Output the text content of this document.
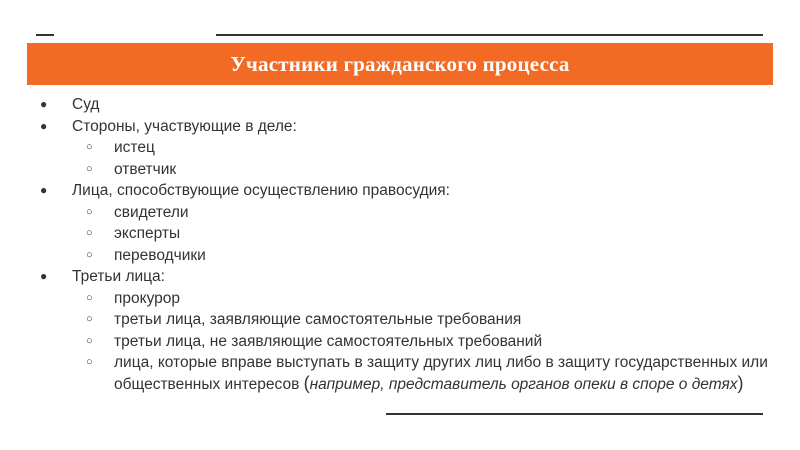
Участники гражданского процесса
● Суд
● Стороны, участвующие в деле:
○	истец
○	ответчик
● Лица, способствующие осуществлению правосудия:
○	свидетели
○	эксперты
○	переводчики
● Третьи лица:
○	прокурор
○	третьи лица, заявляющие самостоятельные требования
○	третьи лица, не заявляющие самостоятельных требований
○	лица, которые вправе выступать в защиту других лиц либо в защиту государственных или общественных интересов (например, представитель органов опеки в споре о детях)
